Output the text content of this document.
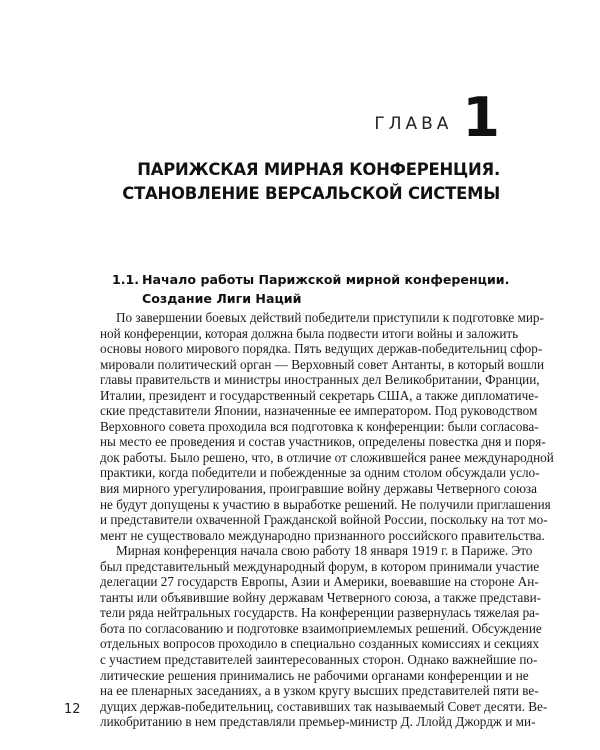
ГЛАВА 1
ПАРИЖСКАЯ МИРНАЯ КОНФЕРЕНЦИЯ.
СТАНОВЛЕНИЕ ВЕРСАЛЬСКОЙ СИСТЕМЫ
1.1. Начало работы Парижской мирной конференции.
Создание Лиги Наций
По завершении боевых действий победители приступили к подготовке мир-
ной конференции, которая должна была подвести итоги войны и заложить
основы нового мирового порядка. Пять ведущих держав-победительниц сфор-
мировали политический орган — Верховный совет Антанты, в который вошли
главы правительств и министры иностранных дел Великобритании, Франции,
Италии, президент и государственный секретарь США, а также дипломатиче-
ские представители Японии, назначенные ее императором. Под руководством
Верховного совета проходила вся подготовка к конференции: были согласова-
ны место ее проведения и состав участников, определены повестка дня и поря-
док работы. Было решено, что, в отличие от сложившейся ранее международной
практики, когда победители и побежденные за одним столом обсуждали усло-
вия мирного урегулирования, проигравшие войну державы Четверного союза
не будут допущены к участию в выработке решений. Не получили приглашения
и представители охваченной Гражданской войной России, поскольку на тот мо-
мент не существовало международно признанного российского правительства.
Мирная конференция начала свою работу 18 января 1919 г. в Париже. Это
был представительный международный форум, в котором принимали участие
делегации 27 государств Европы, Азии и Америки, воевавшие на стороне Ан-
танты или объявившие войну державам Четверного союза, а также представи-
тели ряда нейтральных государств. На конференции развернулась тяжелая ра-
бота по согласованию и подготовке взаимоприемлемых решений. Обсуждение
отдельных вопросов проходило в специально созданных комиссиях и секциях
с участием представителей заинтересованных сторон. Однако важнейшие по-
литические решения принимались не рабочими органами конференции и не
на ее пленарных заседаниях, а в узком кругу высших представителей пяти ве-
дущих держав-победительниц, составивших так называемый Совет десяти. Ве-
ликобританию в нем представляли премьер-министр Д. Ллойд Джордж и ми-
12
